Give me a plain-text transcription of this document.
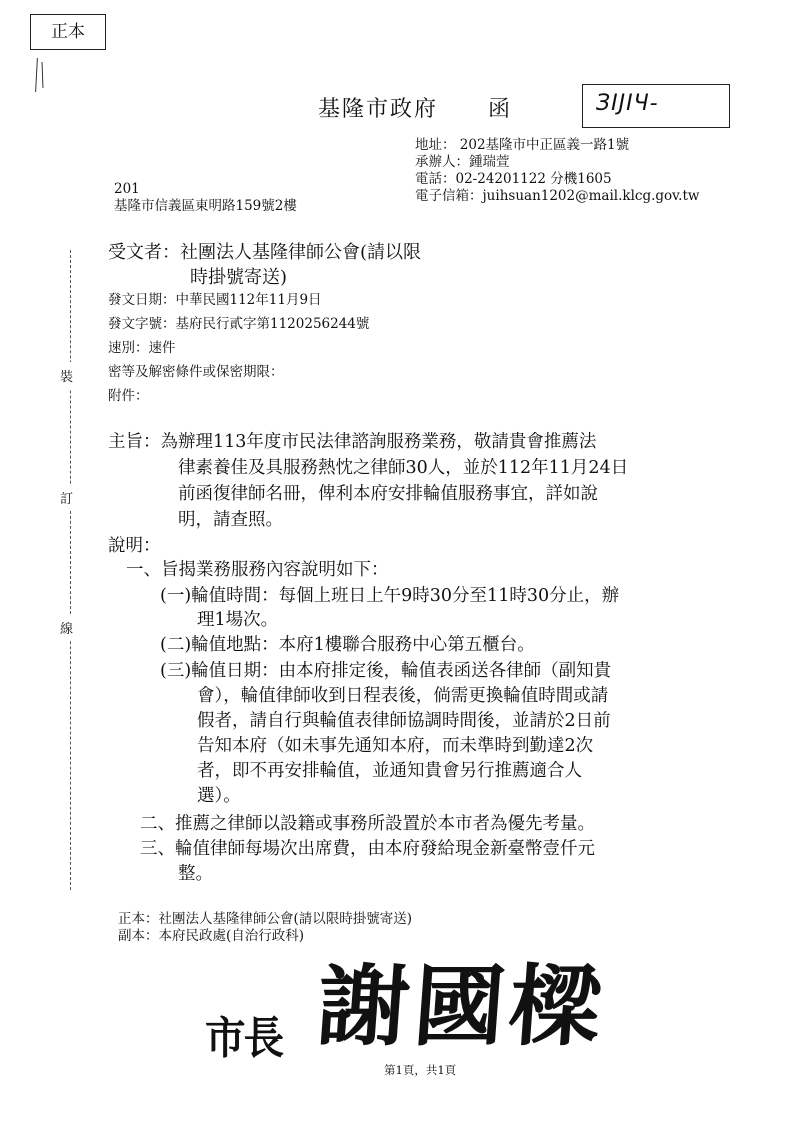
正本
基隆市政府 函	ЗIJIЧ-
地址： 202基隆市中正區義一路1號
承辦人：鍾瑞萱
電話：02-24201122 分機1605
電子信箱：juihsuan1202@mail.klcg.gov.tw
201
基隆市信義區東明路159號2樓
受文者：社團法人基隆律師公會(請以限
時掛號寄送)
發文日期：中華民國112年11月9日
發文字號：基府民行貳字第1120256244號
速別：速件
密等及解密條件或保密期限：
附件：
裝
訂
線
主旨：為辦理113年度市民法律諮詢服務業務，敬請貴會推薦法
律素養佳及具服務熱忱之律師30人，並於112年11月24日
前函復律師名冊，俾利本府安排輪值服務事宜，詳如說
明，請查照。
說明：
一、旨揭業務服務內容說明如下：
(一)輪值時間：每個上班日上午9時30分至11時30分止，辦
理1場次。
(二)輪值地點：本府1樓聯合服務中心第五櫃台。
(三)輪值日期：由本府排定後，輪值表函送各律師（副知貴
會），輪值律師收到日程表後，倘需更換輪值時間或請
假者，請自行與輪值表律師協調時間後，並請於2日前
告知本府（如未事先通知本府，而未準時到勤達2次
者，即不再安排輪值，並通知貴會另行推薦適合人
選）。
二、推薦之律師以設籍或事務所設置於本市者為優先考量。
三、輪值律師每場次出席費，由本府發給現金新臺幣壹仟元
整。
正本：社團法人基隆律師公會(請以限時掛號寄送)
副本：本府民政處(自治行政科)
市長 謝國樑
第1頁，共1頁
